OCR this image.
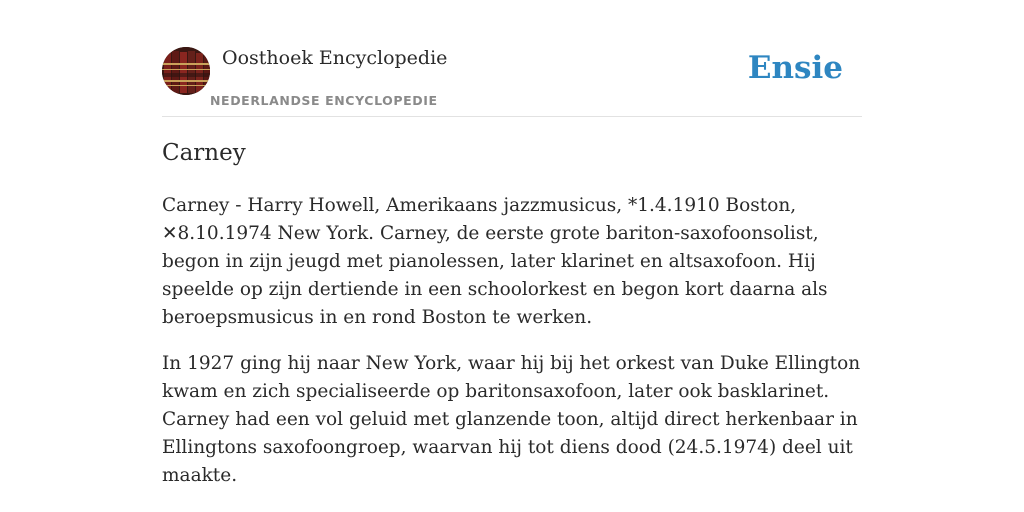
Oosthoek Encyclopedie
NEDERLANDSE ENCYCLOPEDIE
Ensie
Carney

Carney - Harry Howell, Amerikaans jazzmusicus, *1.4.1910 Boston, ✕8.10.1974 New York. Carney, de eerste grote bariton-saxofoonsolist, begon in zijn jeugd met pianolessen, later klarinet en altsaxofoon. Hij speelde op zijn dertiende in een schoolorkest en begon kort daarna als beroepsmusicus in en rond Boston te werken.

In 1927 ging hij naar New York, waar hij bij het orkest van Duke Ellington kwam en zich specialiseerde op baritonsaxofoon, later ook basklarinet. Carney had een vol geluid met glanzende toon, altijd direct herkenbaar in Ellingtons saxofoongroep, waarvan hij tot diens dood (24.5.1974) deel uit maakte.
